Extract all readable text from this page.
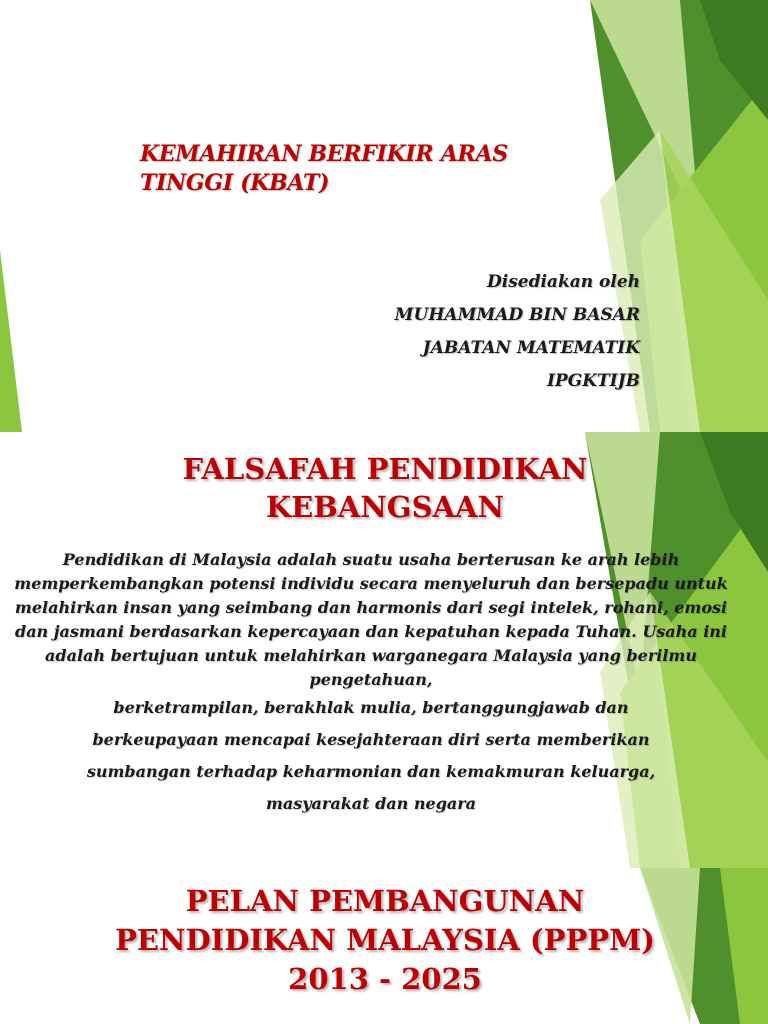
KEMAHIRAN BERFIKIR ARAS TINGGI (KBAT)
Disediakan oleh
MUHAMMAD BIN BASAR
JABATAN MATEMATIK
IPGKTIJB
FALSAFAH PENDIDIKAN
KEBANGSAAN

Pendidikan di Malaysia adalah suatu usaha berterusan ke arah lebih memperkembangkan potensi individu secara menyeluruh dan bersepadu untuk melahirkan insan yang seimbang dan harmonis dari segi intelek, rohani, emosi dan jasmani berdasarkan kepercayaan dan kepatuhan kepada Tuhan. Usaha ini adalah bertujuan untuk melahirkan warganegara Malaysia yang berilmu pengetahuan,

berketrampilan, berakhlak mulia, bertanggungjawab dan

berkeupayaan mencapai kesejahteraan diri serta memberikan

sumbangan terhadap keharmonian dan kemakmuran keluarga,

masyarakat dan negara

PELAN PEMBANGUNAN
PENDIDIKAN MALAYSIA (PPPM)
2013 - 2025
